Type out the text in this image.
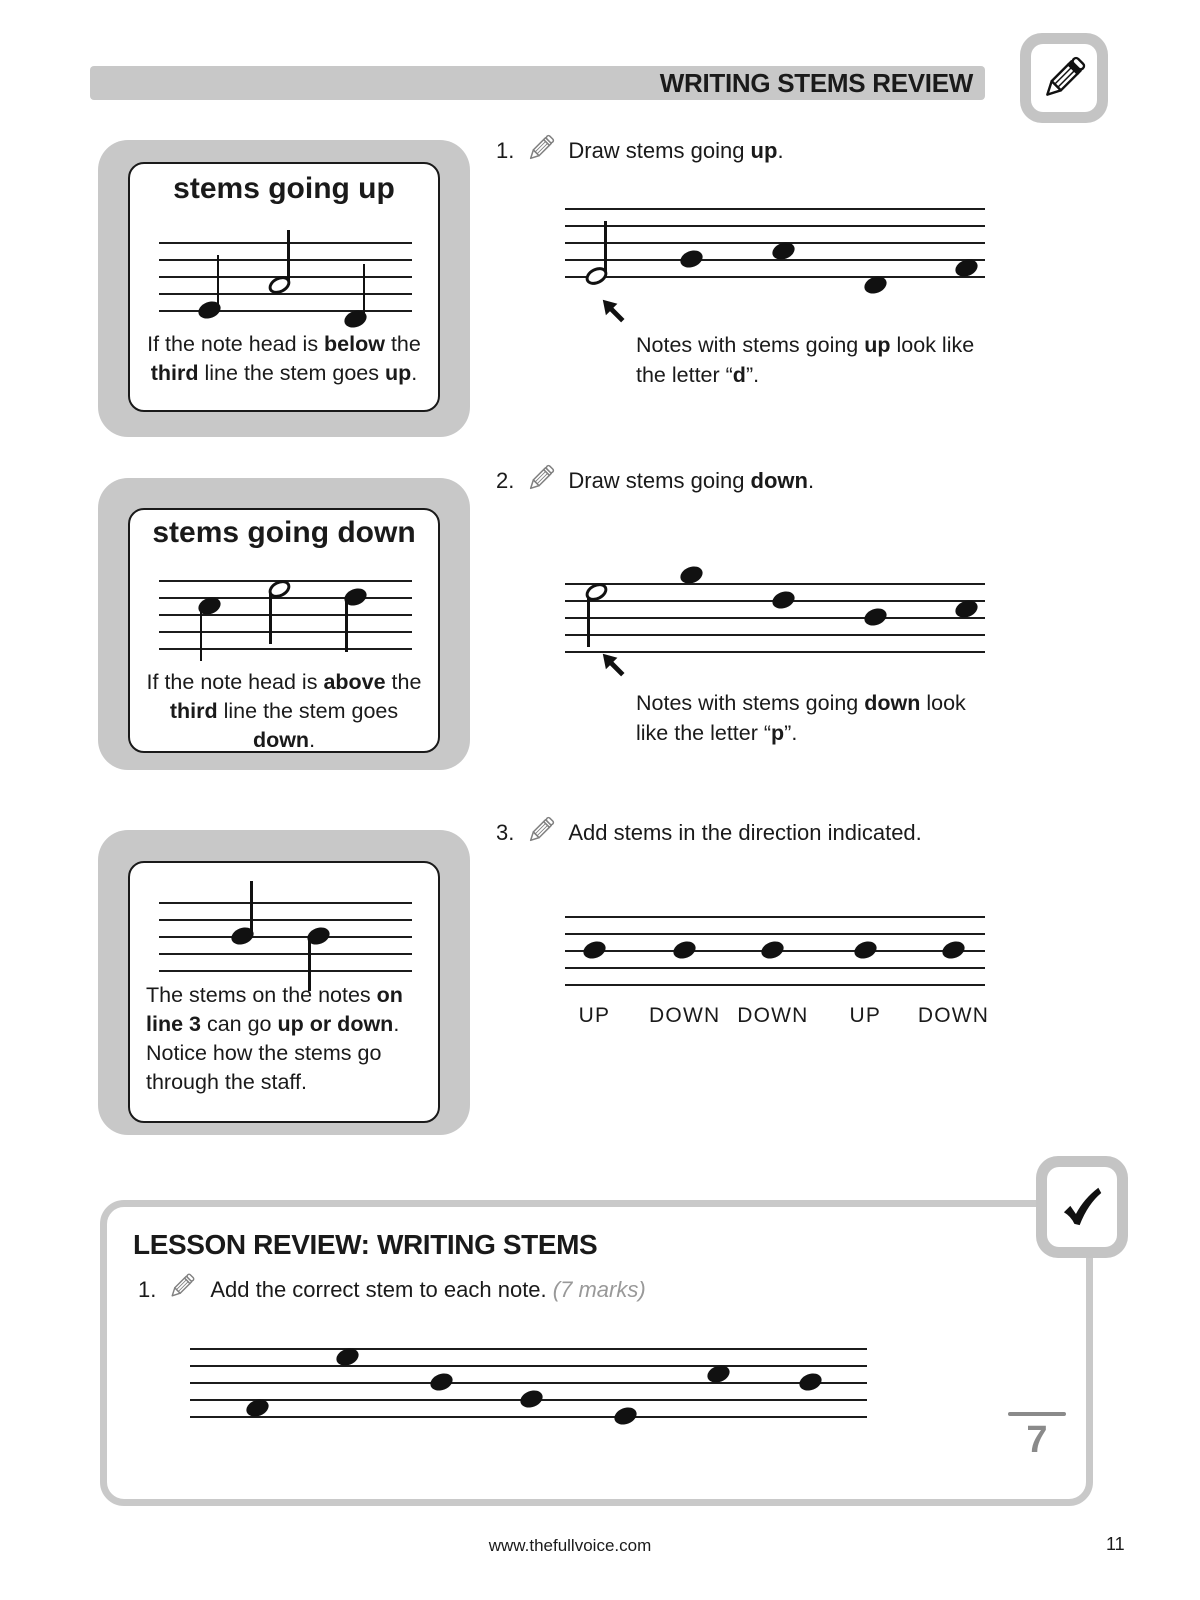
WRITING STEMS REVIEW
stems going up

If the note head is below the third line the stem goes up.

stems going down

If the note head is above the third line the stem goes down.

The stems on the notes on line 3 can go up or down. Notice how the stems go through the staff.

1. Draw stems going up.

Notes with stems going up look like the letter “d”.

2. Draw stems going down.

Notes with stems going down look like the letter “p”.

3. Add stems in the direction indicated.
UP DOWN DOWN UP DOWN
LESSON REVIEW: WRITING STEMS
1. Add the correct stem to each note. (7 marks)
7
www.thefullvoice.com	11
